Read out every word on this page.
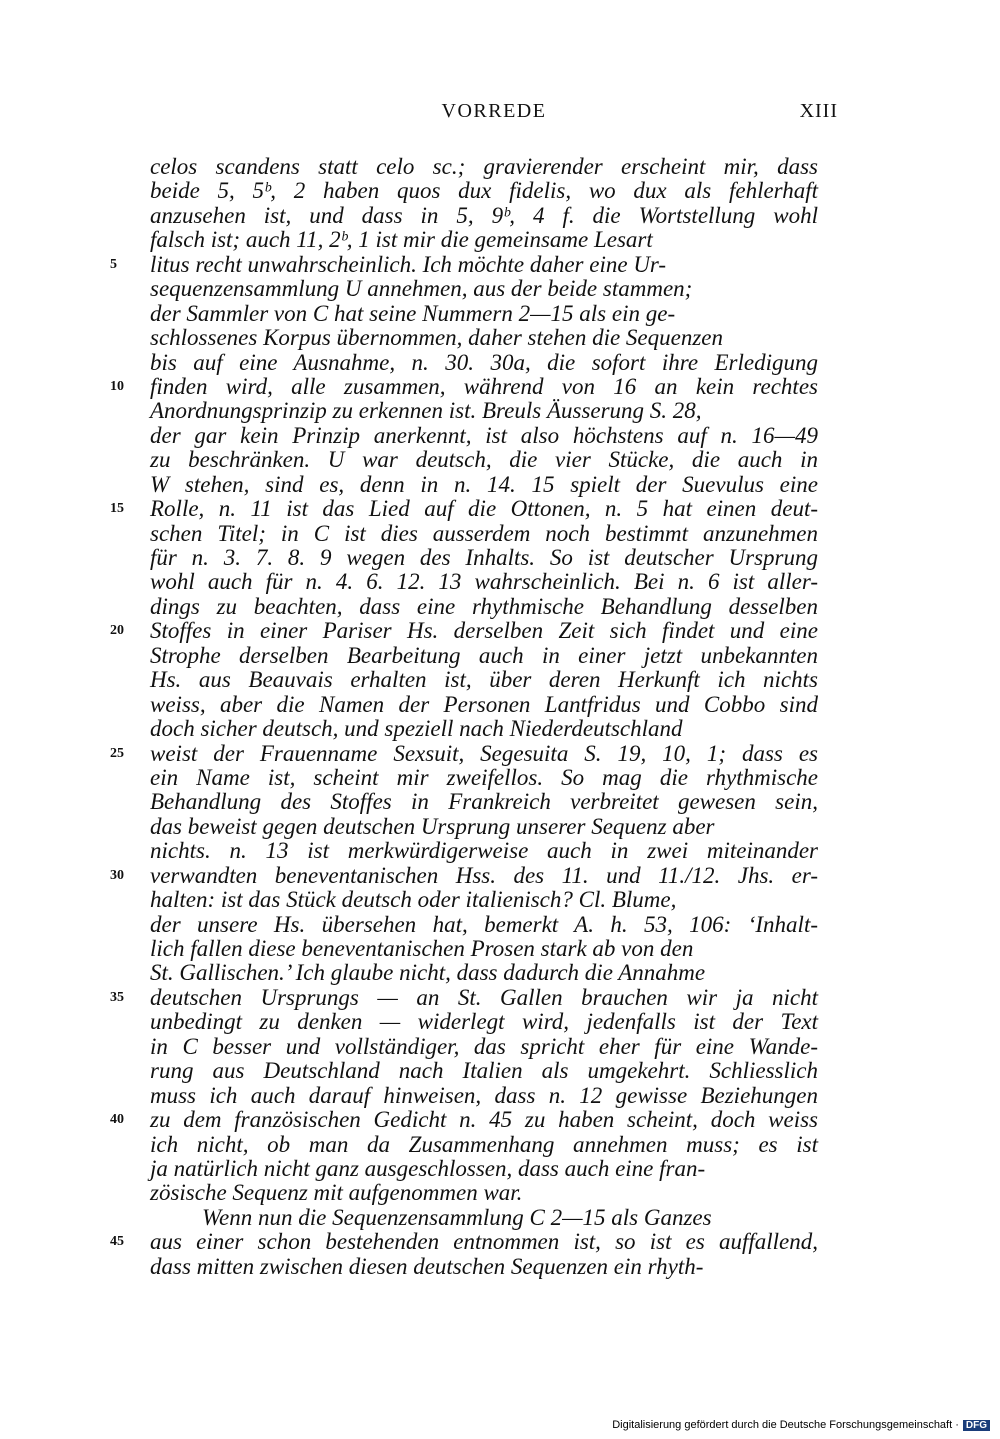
VORREDE	XIII
celos scandens statt celo sc.; gravierender erscheint mir, dass
beide 5, 5ᵇ, 2 haben quos dux fidelis, wo dux als fehlerhaft
anzusehen ist, und dass in 5, 9ᵇ, 4 f. die Wortstellung wohl
falsch ist; auch 11, 2ᵇ, 1 ist mir die gemeinsame Lesart
5	litus recht unwahrscheinlich. Ich möchte daher eine Ur-
sequenzensammlung U annehmen, aus der beide stammen;
der Sammler von C hat seine Nummern 2—15 als ein ge-
schlossenes Korpus übernommen, daher stehen die Sequenzen
bis auf eine Ausnahme, n. 30. 30a, die sofort ihre Erledigung
10	finden wird, alle zusammen, während von 16 an kein rechtes
Anordnungsprinzip zu erkennen ist. Breuls Äusserung S. 28,
der gar kein Prinzip anerkennt, ist also höchstens auf n. 16—49
zu beschränken. U war deutsch, die vier Stücke, die auch in
W stehen, sind es, denn in n. 14. 15 spielt der Suevulus eine
15	Rolle, n. 11 ist das Lied auf die Ottonen, n. 5 hat einen deut-
schen Titel; in C ist dies ausserdem noch bestimmt anzunehmen
für n. 3. 7. 8. 9 wegen des Inhalts. So ist deutscher Ursprung
wohl auch für n. 4. 6. 12. 13 wahrscheinlich. Bei n. 6 ist aller-
dings zu beachten, dass eine rhythmische Behandlung desselben
20	Stoffes in einer Pariser Hs. derselben Zeit sich findet und eine
Strophe derselben Bearbeitung auch in einer jetzt unbekannten
Hs. aus Beauvais erhalten ist, über deren Herkunft ich nichts
weiss, aber die Namen der Personen Lantfridus und Cobbo sind
doch sicher deutsch, und speziell nach Niederdeutschland
25	weist der Frauenname Sexsuit, Segesuita S. 19, 10, 1; dass es
ein Name ist, scheint mir zweifellos. So mag die rhythmische
Behandlung des Stoffes in Frankreich verbreitet gewesen sein,
das beweist gegen deutschen Ursprung unserer Sequenz aber
nichts. n. 13 ist merkwürdigerweise auch in zwei miteinander
30	verwandten beneventanischen Hss. des 11. und 11./12. Jhs. er-
halten: ist das Stück deutsch oder italienisch? Cl. Blume,
der unsere Hs. übersehen hat, bemerkt A. h. 53, 106: ‘Inhalt-
lich fallen diese beneventanischen Prosen stark ab von den
St. Gallischen.’ Ich glaube nicht, dass dadurch die Annahme
35	deutschen Ursprungs — an St. Gallen brauchen wir ja nicht
unbedingt zu denken — widerlegt wird, jedenfalls ist der Text
in C besser und vollständiger, das spricht eher für eine Wande-
rung aus Deutschland nach Italien als umgekehrt. Schliesslich
muss ich auch darauf hinweisen, dass n. 12 gewisse Beziehungen
40	zu dem französischen Gedicht n. 45 zu haben scheint, doch weiss
ich nicht, ob man da Zusammenhang annehmen muss; es ist
ja natürlich nicht ganz ausgeschlossen, dass auch eine fran-
zösische Sequenz mit aufgenommen war.
Wenn nun die Sequenzensammlung C 2—15 als Ganzes
45	aus einer schon bestehenden entnommen ist, so ist es auffallend,
dass mitten zwischen diesen deutschen Sequenzen ein rhyth-
Digitalisierung gefördert durch die Deutsche Forschungsgemeinschaft · DFG
